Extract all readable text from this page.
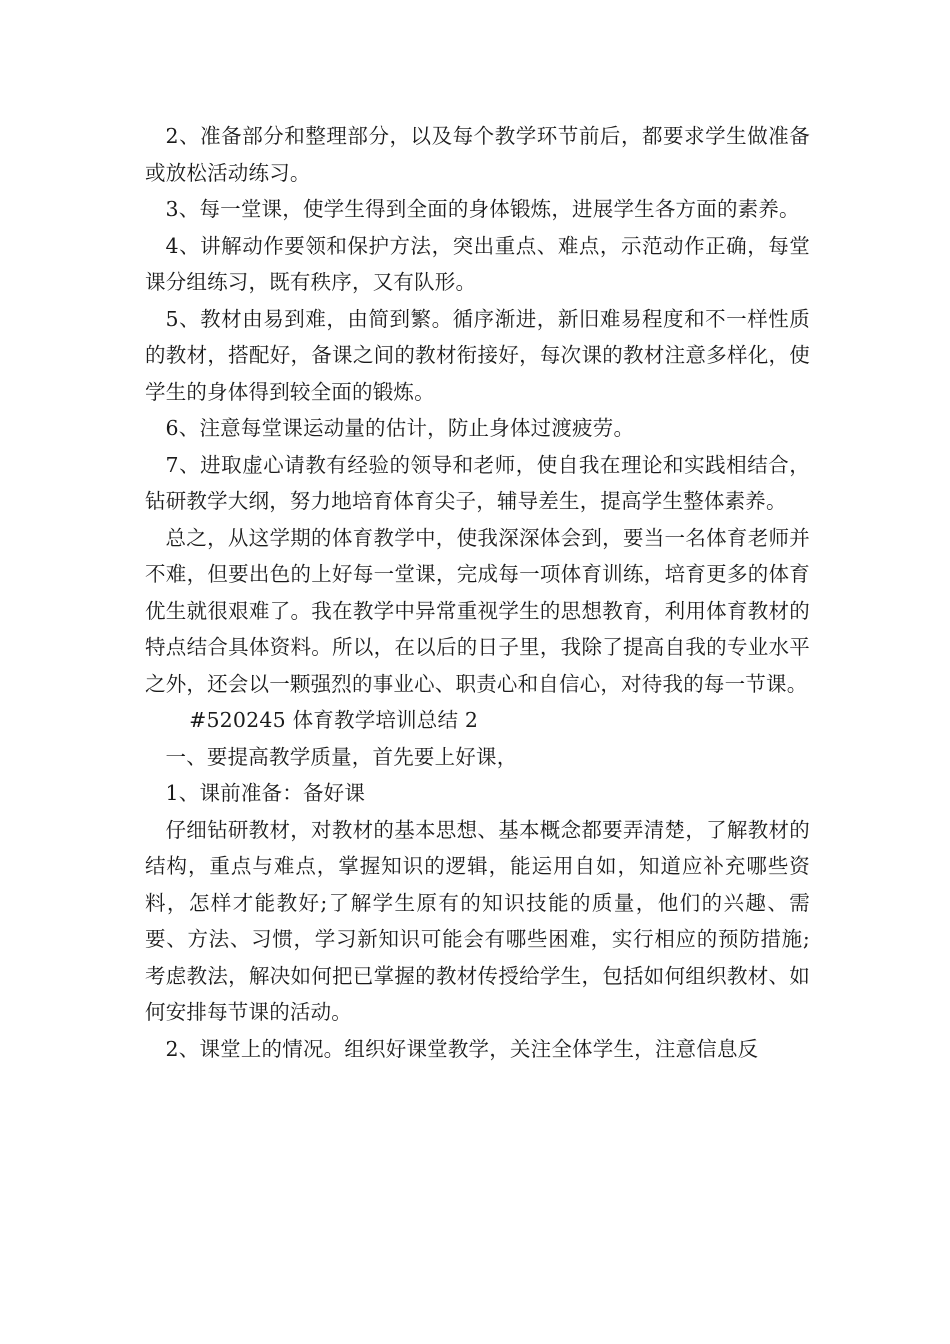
2、准备部分和整理部分，以及每个教学环节前后，都要求学生做准备或放松活动练习。

3、每一堂课，使学生得到全面的身体锻炼，进展学生各方面的素养。

4、讲解动作要领和保护方法，突出重点、难点，示范动作正确，每堂课分组练习，既有秩序，又有队形。

5、教材由易到难，由简到繁。循序渐进，新旧难易程度和不一样性质的教材，搭配好，备课之间的教材衔接好，每次课的教材注意多样化，使学生的身体得到较全面的锻炼。

6、注意每堂课运动量的估计，防止身体过渡疲劳。

7、进取虚心请教有经验的领导和老师，使自我在理论和实践相结合，钻研教学大纲，努力地培育体育尖子，辅导差生，提高学生整体素养。

总之，从这学期的体育教学中，使我深深体会到，要当一名体育老师并不难，但要出色的上好每一堂课，完成每一项体育训练，培育更多的体育优生就很艰难了。我在教学中异常重视学生的思想教育，利用体育教材的特点结合具体资料。所以，在以后的日子里，我除了提高自我的专业水平之外，还会以一颗强烈的事业心、职责心和自信心，对待我的每一节课。

#520245 体育教学培训总结 2

一、要提高教学质量，首先要上好课，

1、课前准备：备好课

仔细钻研教材，对教材的基本思想、基本概念都要弄清楚，了解教材的结构，重点与难点，掌握知识的逻辑，能运用自如，知道应补充哪些资料，怎样才能教好;了解学生原有的知识技能的质量，他们的兴趣、需要、方法、习惯，学习新知识可能会有哪些困难，实行相应的预防措施;考虑教法，解决如何把已掌握的教材传授给学生，包括如何组织教材、如何安排每节课的活动。

2、课堂上的情况。组织好课堂教学，关注全体学生，注意信息反
